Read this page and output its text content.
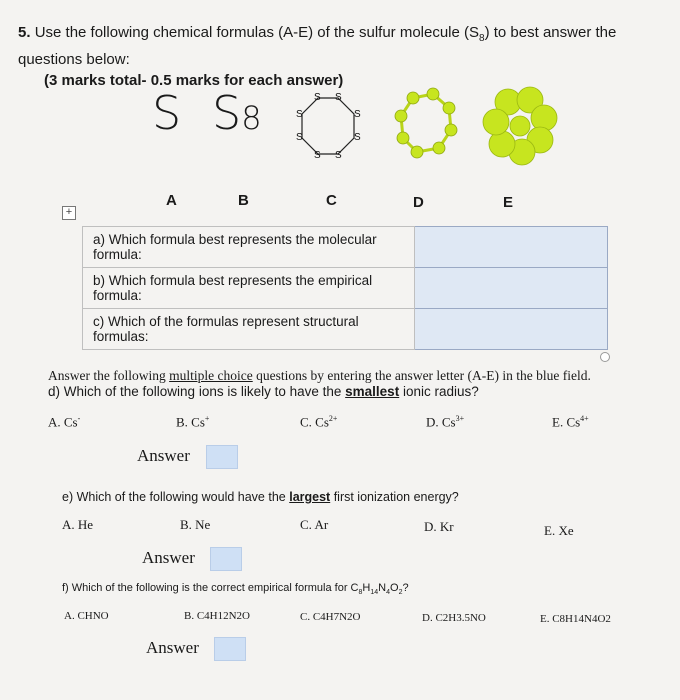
5. Use the following chemical formulas (A-E) of the sulfur molecule $(S_8)$ to best answer the questions below:
(3 marks total- 0.5 marks for each answer)
S S8
S S
S
S
S
S
S
S
A	B	C	D	E
+
a) Which formula best represents the molecular formula:	
b) Which formula best represents the empirical formula:	
c) Which of the formulas represent structural formulas:	
Answer the following multiple choice questions by entering the answer letter (A-E) in the blue field.
d) Which of the following ions is likely to have the smallest ionic radius?
A. Cs-	B. Cs+	C. $Cs^{2+}$	D. $Cs^{3+}$	E. $Cs^{4+}$
Answer
e) Which of the following would have the largest first ionization energy?
A. He	B. Ne	C. Ar	D. Kr	E. Xe
Answer
f) Which of the following is the correct empirical formula for $C_8H_{14}N_4O_2$?
A. CHNO	B. C4H12N2O	C. C4H7N2O	D. C2H3.5NO	E. C8H14N4O2
Answer
